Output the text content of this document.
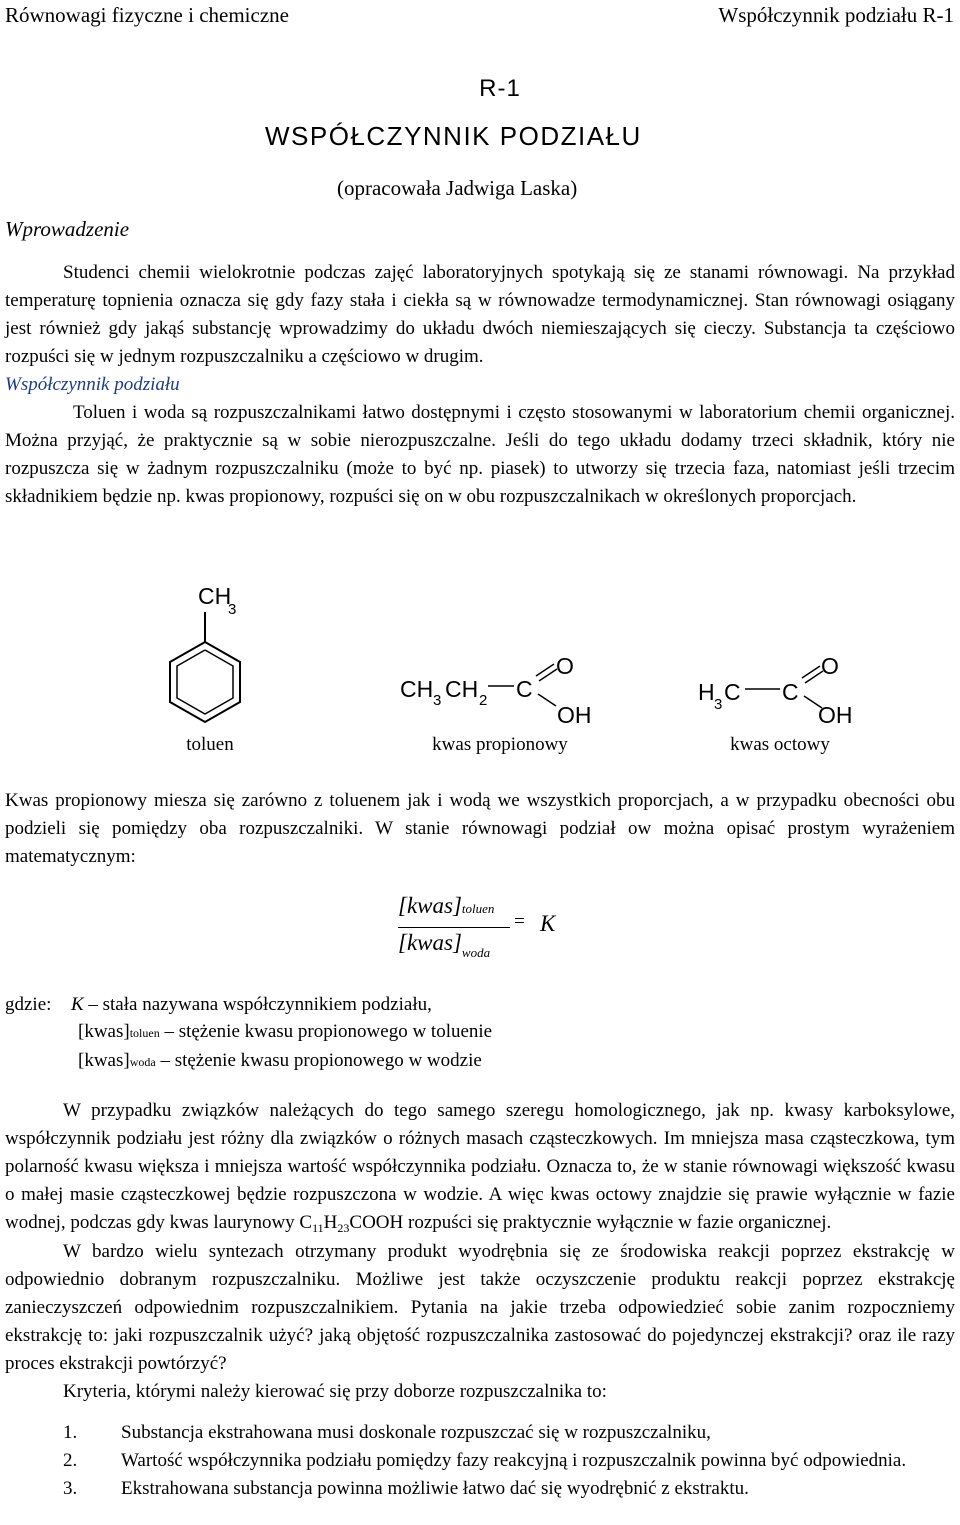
Równowagi fizyczne i chemiczne	Współczynnik podziału R-1
R-1
WSPÓŁCZYNNIK PODZIAŁU
(opracowała Jadwiga Laska)
Wprowadzenie

Studenci chemii wielokrotnie podczas zajęć laboratoryjnych spotykają się ze stanami równowagi. Na przykład temperaturę topnienia oznacza się gdy fazy stała i ciekła są w równowadze termodynamicznej. Stan równowagi osiągany jest również gdy jakąś substancję wprowadzimy do układu dwóch niemieszających się cieczy. Substancja ta częściowo rozpuści się w jednym rozpuszczalniku a częściowo w drugim.

Współczynnik podziału

Toluen i woda są rozpuszczalnikami łatwo dostępnymi i często stosowanymi w laboratorium chemii organicznej. Można przyjąć, że praktycznie są w sobie nierozpuszczalne. Jeśli do tego układu dodamy trzeci składnik, który nie rozpuszcza się w żadnym rozpuszczalniku (może to być np. piasek) to utworzy się trzecia faza, natomiast jeśli trzecim składnikiem będzie np. kwas propionowy, rozpuści się on w obu rozpuszczalnikach w określonych proporcjach.

CH
3
CH 3 CH 2 C
O
OH
H 3 C C
O
OH
toluen	kwas propionowy	kwas octowy
Kwas propionowy miesza się zarówno z toluenem jak i wodą we wszystkich proporcjach, a w przypadku obecności obu podzieli się pomiędzy oba rozpuszczalniki. W stanie równowagi podział ow można opisać prostym wyrażeniem matematycznym:
[kwas]toluen
$[kwas]_{woda}$
= K
gdzie: K – stała nazywana współczynnikiem podziału,
[kwas]toluen – stężenie kwasu propionowego w toluenie
[kwas]woda – stężenie kwasu propionowego w wodzie

W przypadku związków należących do tego samego szeregu homologicznego, jak np. kwasy karboksylowe, współczynnik podziału jest różny dla związków o różnych masach cząsteczkowych. Im mniejsza masa cząsteczkowa, tym polarność kwasu większa i mniejsza wartość współczynnika podziału. Oznacza to, że w stanie równowagi większość kwasu o małej masie cząsteczkowej będzie rozpuszczona w wodzie. A więc kwas octowy znajdzie się prawie wyłącznie w fazie wodnej, podczas gdy kwas laurynowy $C_{11}H_{23}COOH$ rozpuści się praktycznie wyłącznie w fazie organicznej.

W bardzo wielu syntezach otrzymany produkt wyodrębnia się ze środowiska reakcji poprzez ekstrakcję w odpowiednio dobranym rozpuszczalniku. Możliwe jest także oczyszczenie produktu reakcji poprzez ekstrakcję zanieczyszczeń odpowiednim rozpuszczalnikiem. Pytania na jakie trzeba odpowiedzieć sobie zanim rozpoczniemy ekstrakcję to: jaki rozpuszczalnik użyć? jaką objętość rozpuszczalnika zastosować do pojedynczej ekstrakcji? oraz ile razy proces ekstrakcji powtórzyć?

Kryteria, którymi należy kierować się przy doborze rozpuszczalnika to:

1.	Substancja ekstrahowana musi doskonale rozpuszczać się w rozpuszczalniku,
2.	Wartość współczynnika podziału pomiędzy fazy reakcyjną i rozpuszczalnik powinna być odpowiednia.
3.	Ekstrahowana substancja powinna możliwie łatwo dać się wyodrębnić z ekstraktu.
